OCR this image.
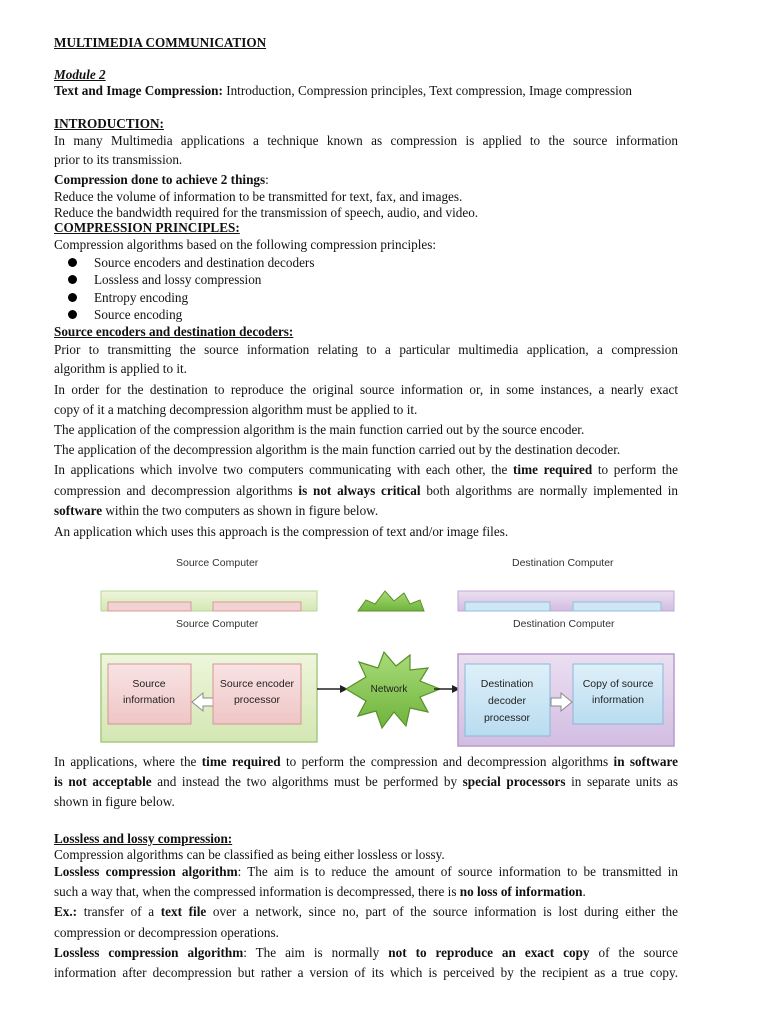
MULTIMEDIA COMMUNICATION
Module 2
Text and Image Compression: Introduction, Compression principles, Text compression, Image compression
INTRODUCTION:
In many Multimedia applications a technique known as compression is applied to the source information
prior to its transmission.
Compression done to achieve 2 things:
Reduce the volume of information to be transmitted for text, fax, and images.
Reduce the bandwidth required for the transmission of speech, audio, and video.
COMPRESSION PRINCIPLES:
Compression algorithms based on the following compression principles:
Source encoders and destination decoders
Lossless and lossy compression
Entropy encoding
Source encoding
Source encoders and destination decoders:
Prior to transmitting the source information relating to a particular multimedia application, a compression
algorithm is applied to it.
In order for the destination to reproduce the original source information or, in some instances, a nearly exact
copy of it a matching decompression algorithm must be applied to it.
The application of the compression algorithm is the main function carried out by the source encoder.
The application of the decompression algorithm is the main function carried out by the destination decoder.
In applications which involve two computers communicating with each other, the time required to perform the
compression and decompression algorithms is not always critical both algorithms are normally implemented in
software within the two computers as shown in figure below.
An application which uses this approach is the compression of text and/or image files.
Source Computer	Destination Computer
Source Computer	Destination Computer
Source
information
Source encoder
processor
Network	Destination
decoder
processor
Copy of source
information
In applications, where the time required to perform the compression and decompression algorithms in software
is not acceptable and instead the two algorithms must be performed by special processors in separate units as
shown in figure below.
Lossless and lossy compression:
Compression algorithms can be classified as being either lossless or lossy.
Lossless compression algorithm: The aim is to reduce the amount of source information to be transmitted in
such a way that, when the compressed information is decompressed, there is no loss of information.
Ex.: transfer of a text file over a network, since no, part of the source information is lost during either the
compression or decompression operations.
Lossless compression algorithm: The aim is normally not to reproduce an exact copy of the source
information after decompression but rather a version of its which is perceived by the recipient as a true copy.
